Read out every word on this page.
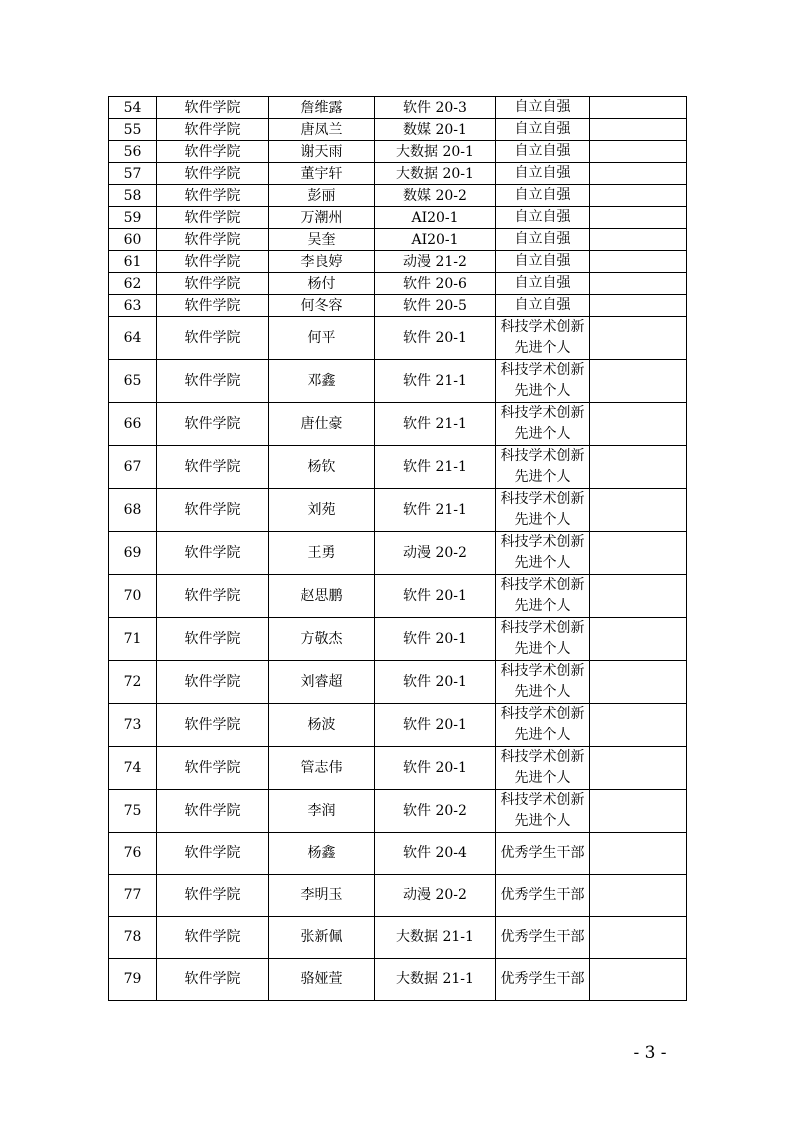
54	软件学院	詹维露	软件 20-3	自立自强	

55	软件学院	唐凤兰	数媒 20-1	自立自强	

56	软件学院	谢天雨	大数据 20-1	自立自强	

57	软件学院	董宇轩	大数据 20-1	自立自强	

58	软件学院	彭丽	数媒 20-2	自立自强	

59	软件学院	万潮州	AI20-1	自立自强	

60	软件学院	吴奎	AI20-1	自立自强	

61	软件学院	李良婷	动漫 21-2	自立自强	

62	软件学院	杨付	软件 20-6	自立自强	

63	软件学院	何冬容	软件 20-5	自立自强	

64	软件学院	何平	软件 20-1	科技学术创新先进个人	

65	软件学院	邓鑫	软件 21-1	科技学术创新先进个人	

66	软件学院	唐仕豪	软件 21-1	科技学术创新先进个人	

67	软件学院	杨钦	软件 21-1	科技学术创新先进个人	

68	软件学院	刘苑	软件 21-1	科技学术创新先进个人	

69	软件学院	王勇	动漫 20-2	科技学术创新先进个人	

70	软件学院	赵思鹏	软件 20-1	科技学术创新先进个人	

71	软件学院	方敬杰	软件 20-1	科技学术创新先进个人	

72	软件学院	刘睿超	软件 20-1	科技学术创新先进个人	

73	软件学院	杨波	软件 20-1	科技学术创新先进个人	

74	软件学院	管志伟	软件 20-1	科技学术创新先进个人	

75	软件学院	李润	软件 20-2	科技学术创新先进个人	

76	软件学院	杨鑫	软件 20-4	优秀学生干部	

77	软件学院	李明玉	动漫 20-2	优秀学生干部	

78	软件学院	张新佩	大数据 21-1	优秀学生干部	

79	软件学院	骆娅萱	大数据 21-1	优秀学生干部	

- 3 -
